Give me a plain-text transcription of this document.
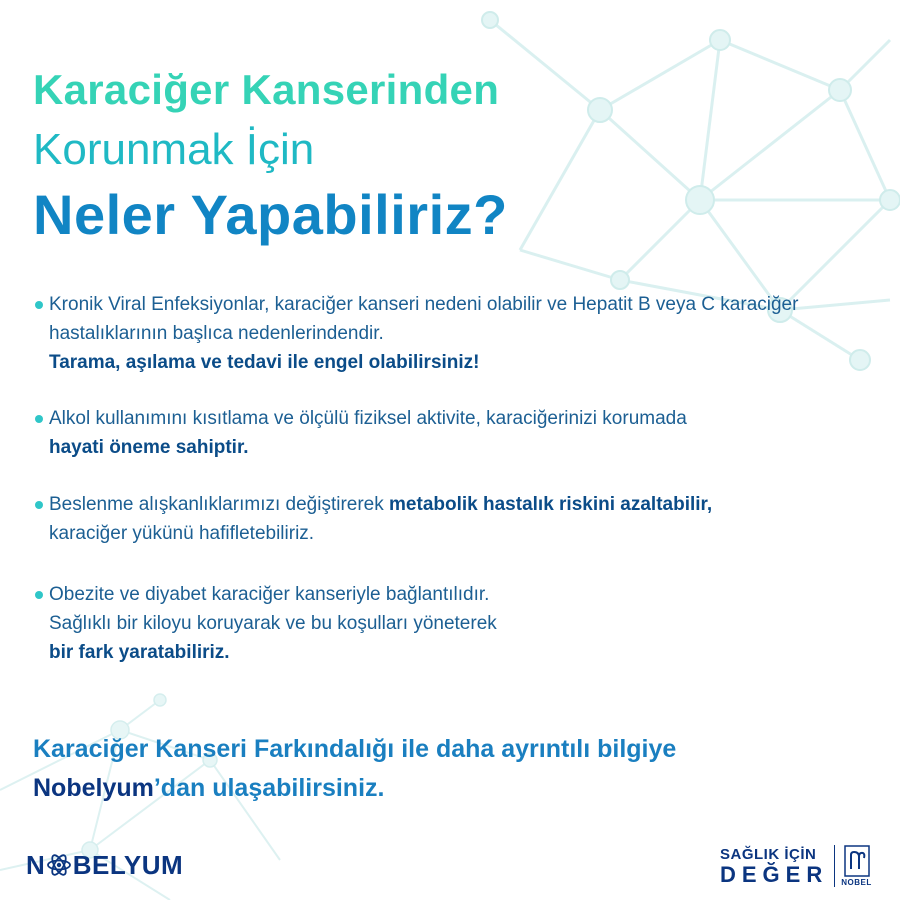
Karaciğer Kanserinden
Korunmak İçin
Neler Yapabiliriz?
Kronik Viral Enfeksiyonlar, karaciğer kanseri nedeni olabilir ve Hepatit B veya C karaciğer hastalıklarının başlıca nedenlerindendir.
Tarama, aşılama ve tedavi ile engel olabilirsiniz!
Alkol kullanımını kısıtlama ve ölçülü fiziksel aktivite, karaciğerinizi korumada
hayati öneme sahiptir.
Beslenme alışkanlıklarımızı değiştirerek metabolik hastalık riskini azaltabilir,
karaciğer yükünü hafifletebiliriz.
Obezite ve diyabet karaciğer kanseriyle bağlantılıdır.
Sağlıklı bir kiloyu koruyarak ve bu koşulları yöneterek
bir fark yaratabiliriz.
Karaciğer Kanseri Farkındalığı ile daha ayrıntılı bilgiye
Nobelyum’dan ulaşabilirsiniz.
N BELYUM	SAĞLIK İÇİN
DEĞER NOBEL
